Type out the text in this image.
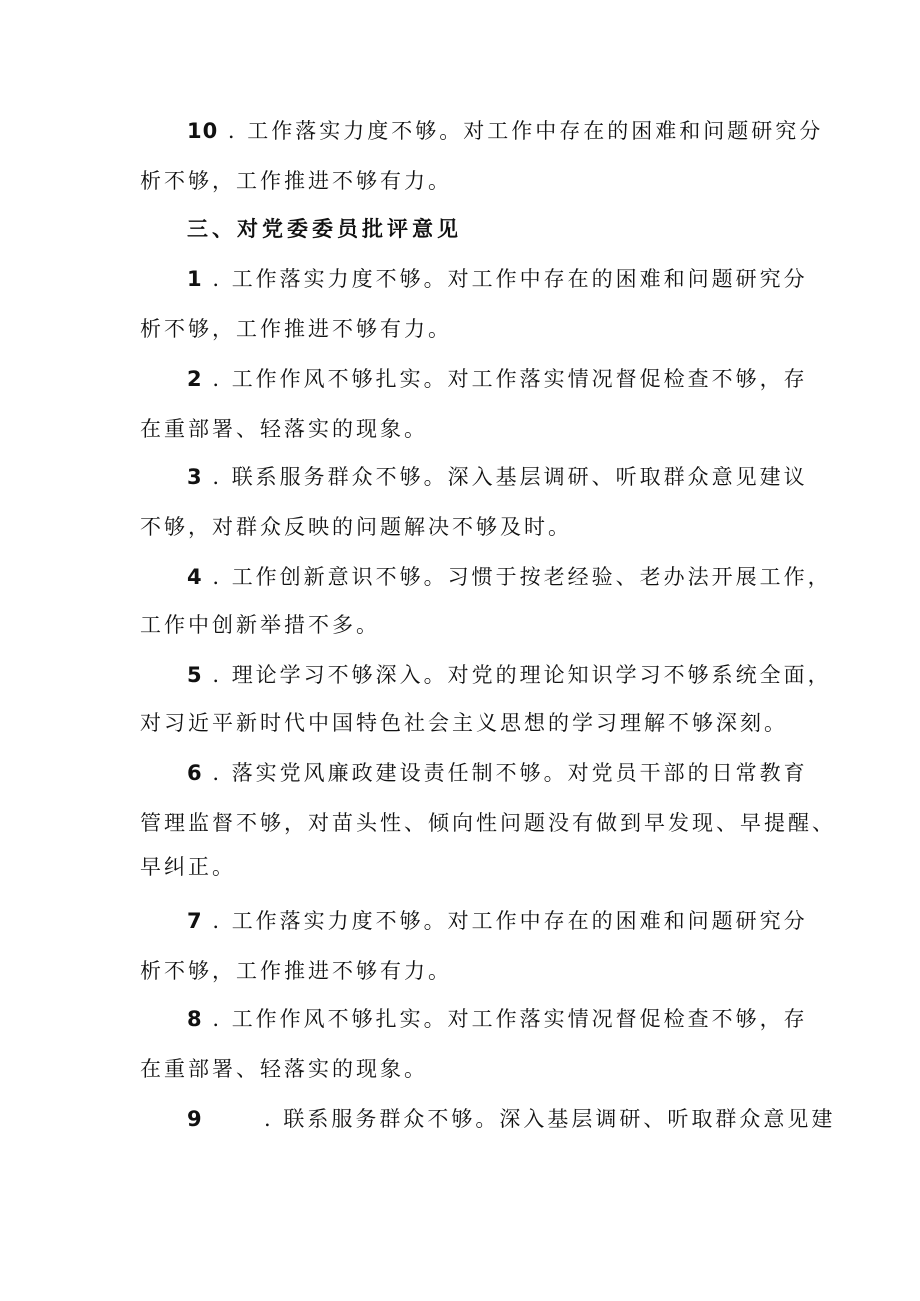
10 . 工作落实力度不够。对工作中存在的困难和问题研究分
析不够，工作推进不够有力。
三、对党委委员批评意见
1 . 工作落实力度不够。对工作中存在的困难和问题研究分
析不够，工作推进不够有力。
2 . 工作作风不够扎实。对工作落实情况督促检查不够，存
在重部署、轻落实的现象。
3 . 联系服务群众不够。深入基层调研、听取群众意见建议
不够，对群众反映的问题解决不够及时。
4 . 工作创新意识不够。习惯于按老经验、老办法开展工作，
工作中创新举措不多。
5 . 理论学习不够深入。对党的理论知识学习不够系统全面，
对习近平新时代中国特色社会主义思想的学习理解不够深刻。
6 . 落实党风廉政建设责任制不够。对党员干部的日常教育
管理监督不够，对苗头性、倾向性问题没有做到早发现、早提醒、
早纠正。
7 . 工作落实力度不够。对工作中存在的困难和问题研究分
析不够，工作推进不够有力。
8 . 工作作风不够扎实。对工作落实情况督促检查不够，存
在重部署、轻落实的现象。
9	. 联系服务群众不够。深入基层调研、听取群众意见建
